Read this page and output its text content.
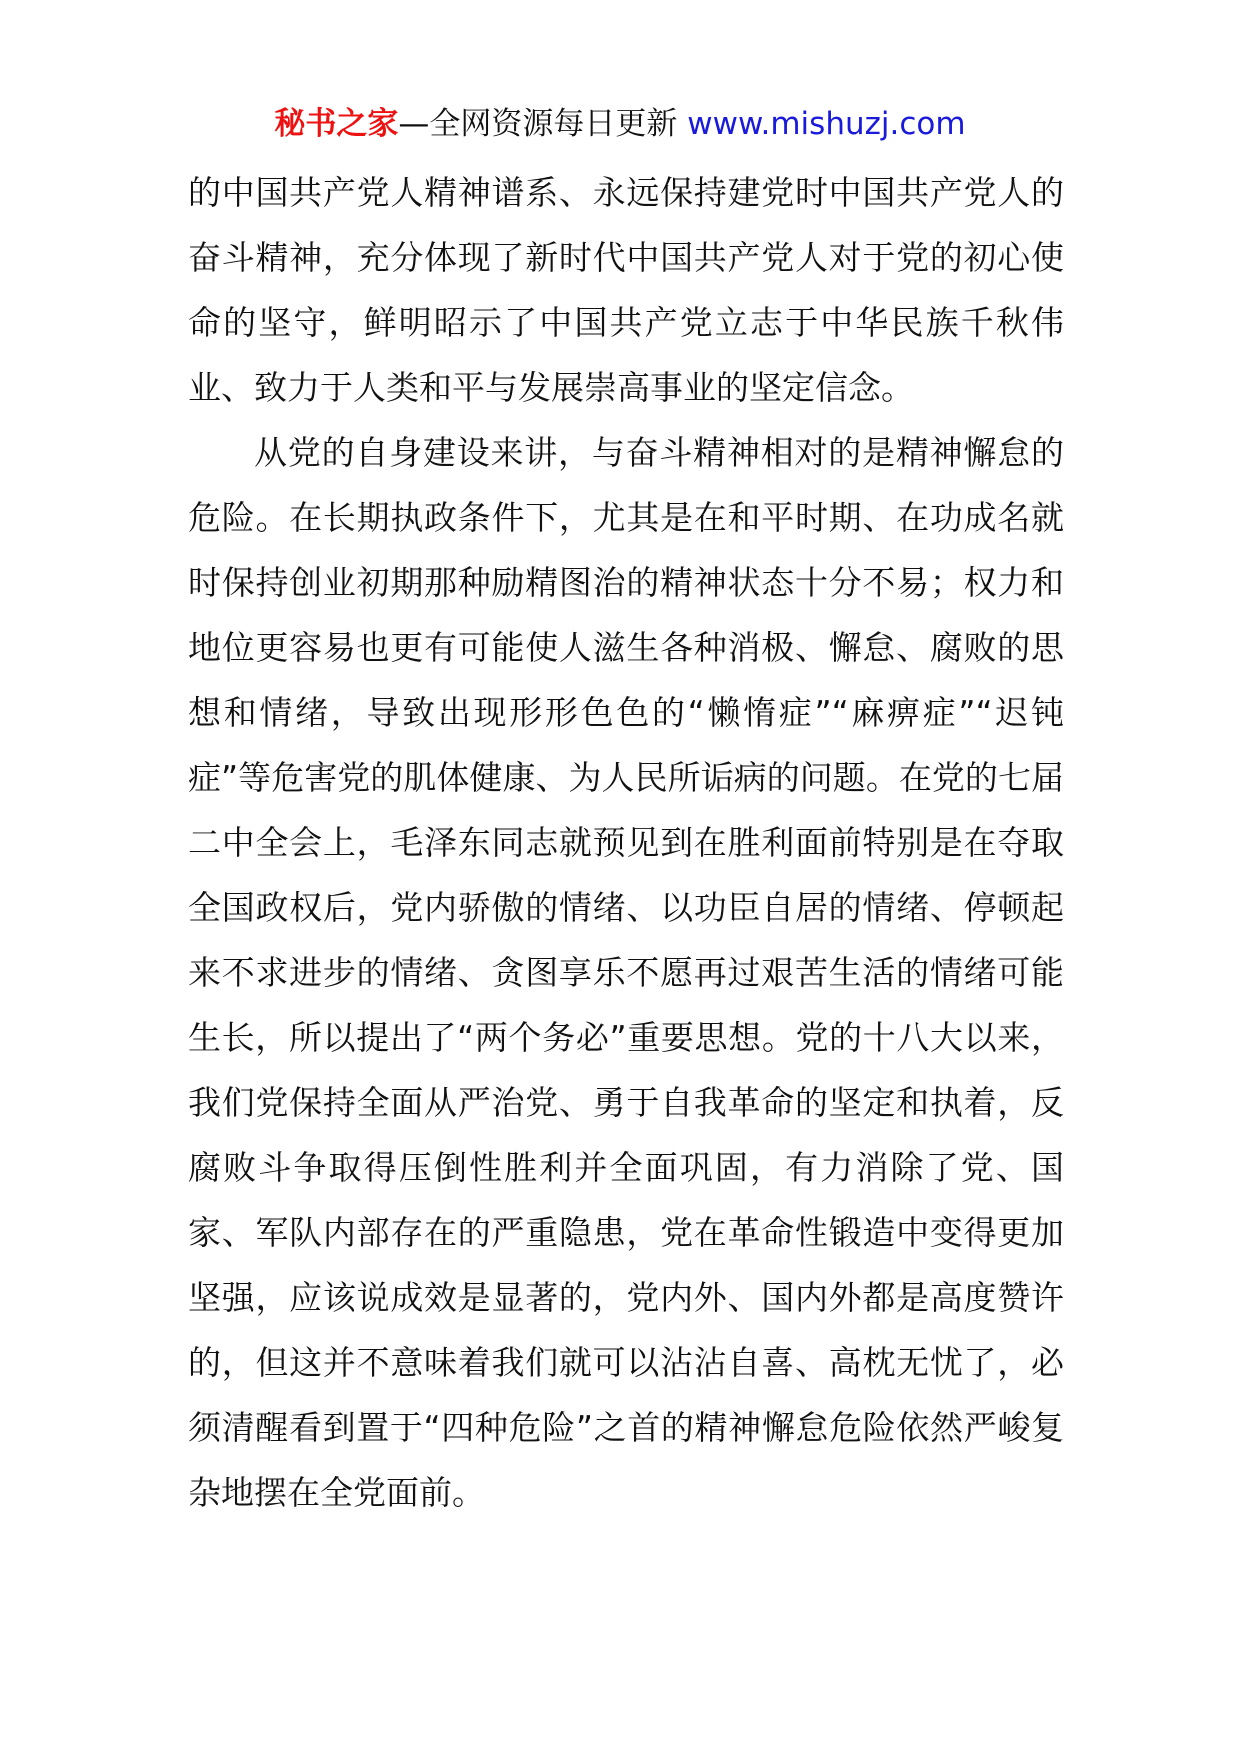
秘书之家—全网资源每日更新 www.mishuzj.com

的中国共产党人精神谱系、永远保持建党时中国共产党人的奋斗精神，充分体现了新时代中国共产党人对于党的初心使命的坚守，鲜明昭示了中国共产党立志于中华民族千秋伟业、致力于人类和平与发展崇高事业的坚定信念。

从党的自身建设来讲，与奋斗精神相对的是精神懈怠的危险。在长期执政条件下，尤其是在和平时期、在功成名就时保持创业初期那种励精图治的精神状态十分不易；权力和地位更容易也更有可能使人滋生各种消极、懈怠、腐败的思想和情绪，导致出现形形色色的“懒惰症”“麻痹症”“迟钝症”等危害党的肌体健康、为人民所诟病的问题。在党的七届二中全会上，毛泽东同志就预见到在胜利面前特别是在夺取全国政权后，党内骄傲的情绪、以功臣自居的情绪、停顿起来不求进步的情绪、贪图享乐不愿再过艰苦生活的情绪可能生长，所以提出了“两个务必”重要思想。党的十八大以来，我们党保持全面从严治党、勇于自我革命的坚定和执着，反腐败斗争取得压倒性胜利并全面巩固，有力消除了党、国家、军队内部存在的严重隐患，党在革命性锻造中变得更加坚强，应该说成效是显著的，党内外、国内外都是高度赞许的，但这并不意味着我们就可以沾沾自喜、高枕无忧了，必须清醒看到置于“四种危险”之首的精神懈怠危险依然严峻复杂地摆在全党面前。
